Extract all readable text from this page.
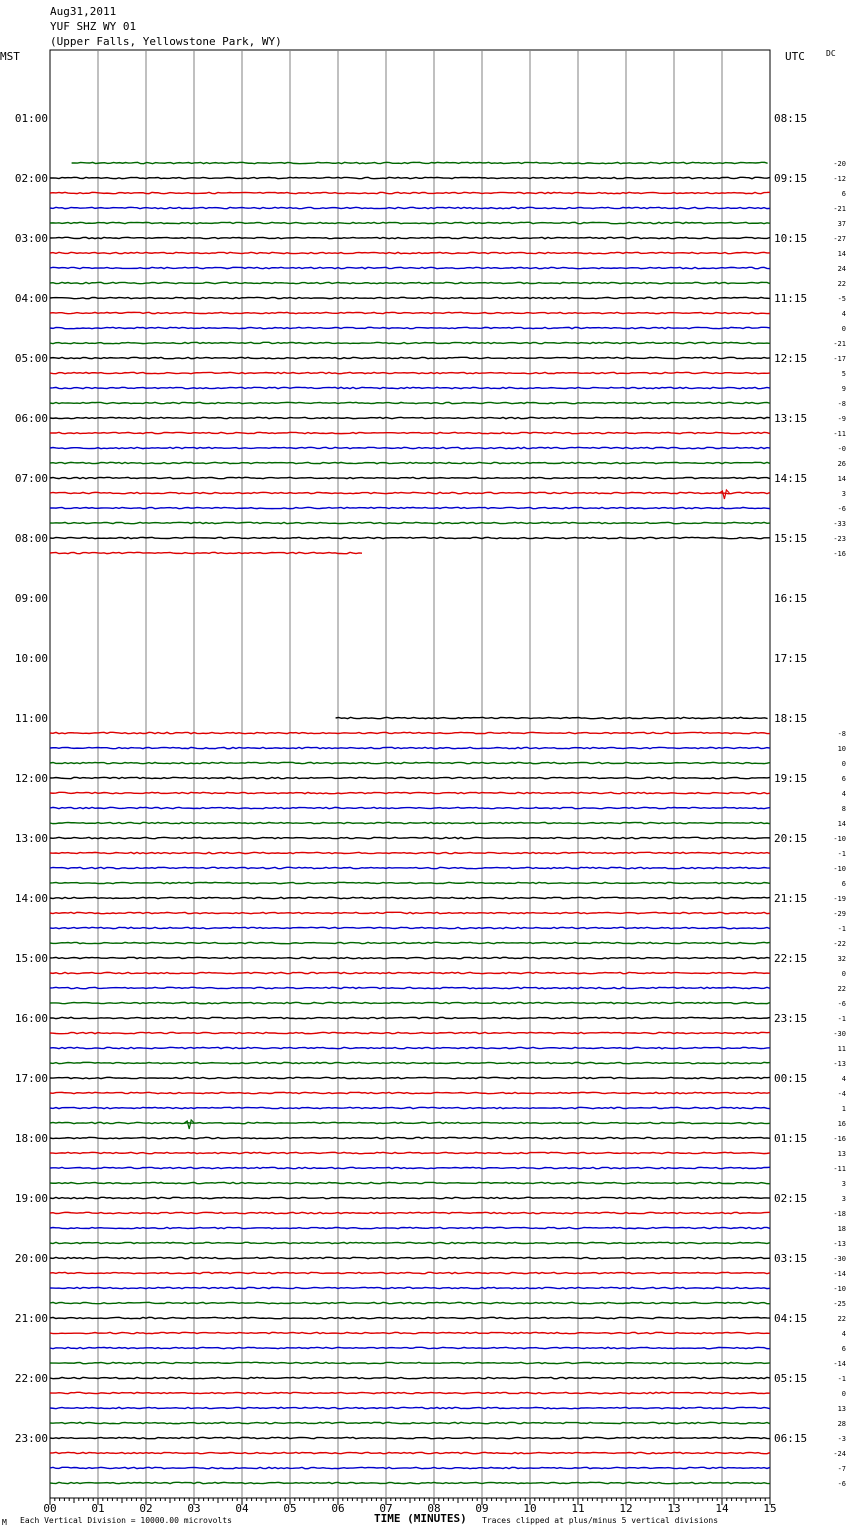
Aug31,2011
YUF SHZ WY 01
(Upper Falls, Yellowstone Park, WY)
MST	UTC	DC
00	01	02	03	04	05	06	07	08	09	10	11	12	13	14	15
01:00	08:15
02:00	09:15
03:00	10:15
04:00	11:15
05:00	12:15
06:00	13:15
07:00	14:15
08:00	15:15
09:00	16:15
10:00	17:15
11:00	18:15
12:00	19:15
13:00	20:15
14:00	21:15
15:00	22:15
16:00	23:15
17:00	00:15
18:00	01:15
19:00	02:15
20:00	03:15
21:00	04:15
22:00	05:15
23:00	06:15
-20
-12
6
-21
37
-27
14
24
22
-5
4
0
-21
-17
5
9
-8
-9
-11
-0
26
14
3
-6
-33
-23
-16
-8
10
0
6
4
8
14
-10
-1
-10
6
-19
-29
-1
-22
32
0
22
-6
-1
-30
11
-13
4
-4
1
16
-16
13
-11
3
3
-18
18
-13
-30
-14
-10
-25
22
4
6
-14
-1
0
13
28
-3
-24
-7
-6
M Each Vertical Division = 10000.00 microvolts	TIME (MINUTES) Traces clipped at plus/minus 5 vertical divisions
